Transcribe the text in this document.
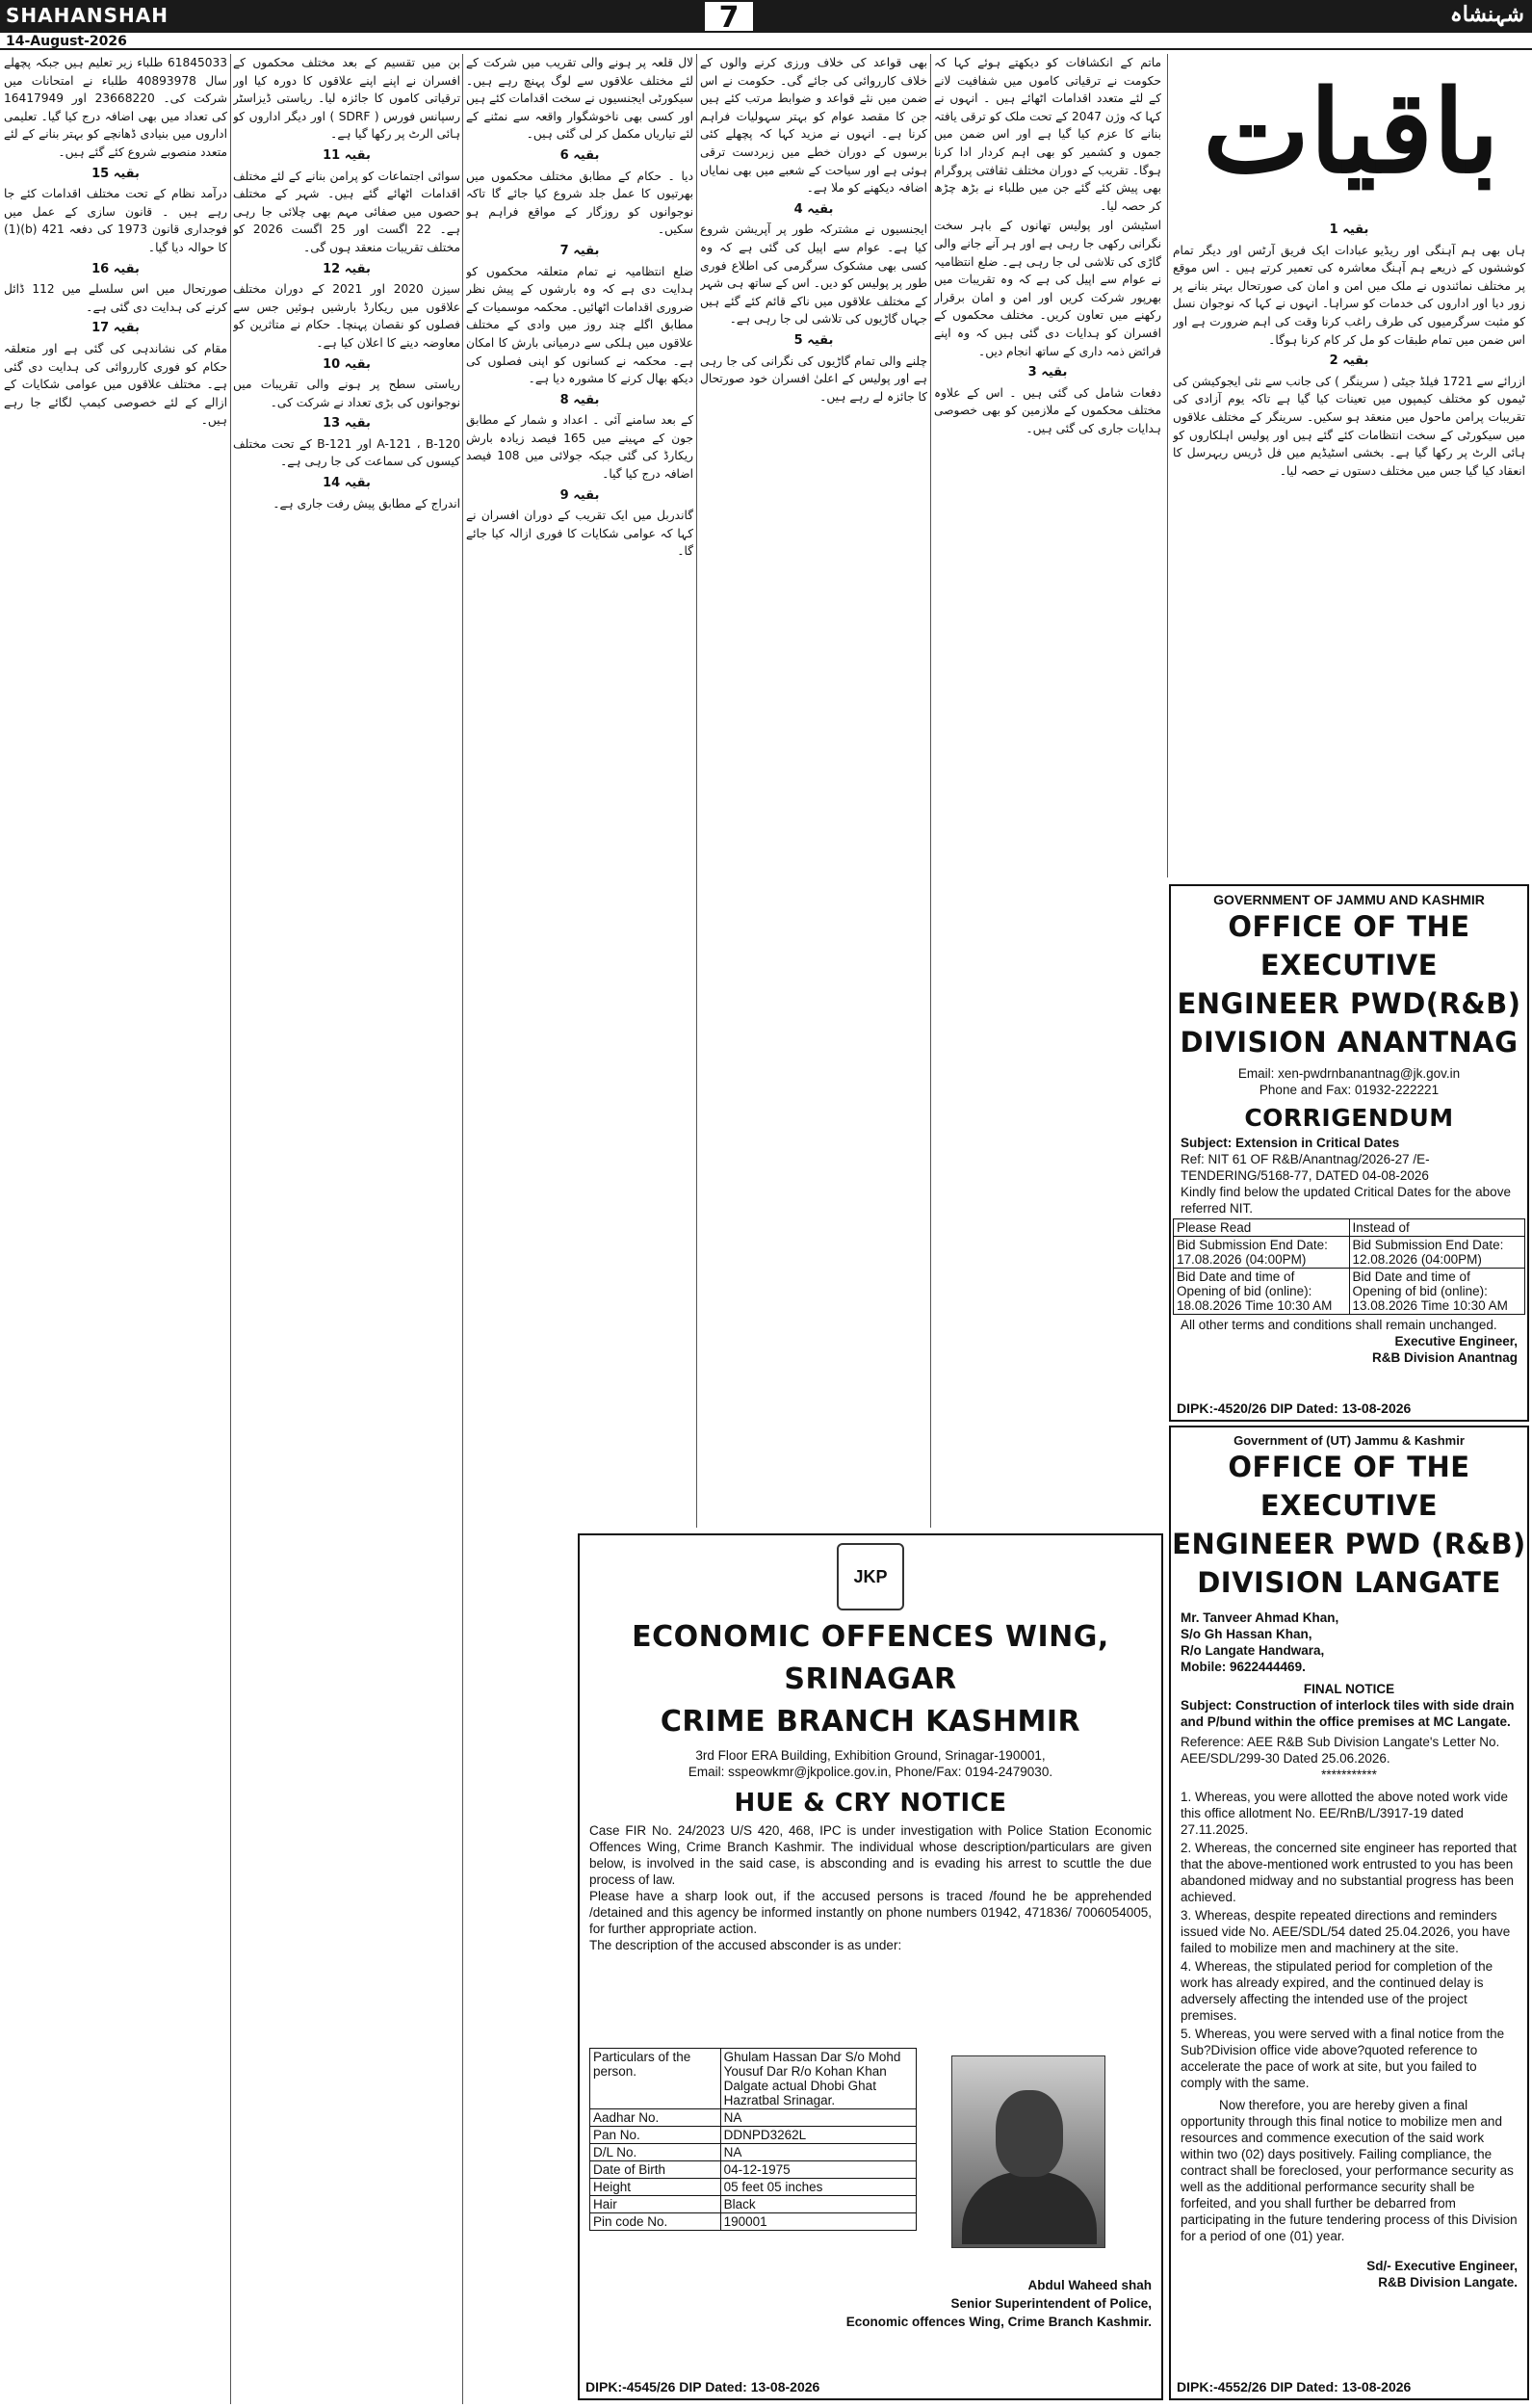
SHAHANSHAH	7	شہنشاہ
14-August-2026
باقیات
بقیہ 1

ہاں بھی ہم آہنگی اور ریڈیو عبادات ایک فریق آرٹس اور دیگر تمام کوششوں کے ذریعے ہم آہنگ معاشرہ کی تعمیر کرتے ہیں ۔ اس موقع پر مختلف نمائندوں نے ملک میں امن و امان کی صورتحال بہتر بنانے پر زور دیا اور اداروں کی خدمات کو سراہا۔ انہوں نے کہا کہ نوجوان نسل کو مثبت سرگرمیوں کی طرف راغب کرنا وقت کی اہم ضرورت ہے اور اس ضمن میں تمام طبقات کو مل کر کام کرنا ہوگا۔

بقیہ 2

ازرائے سے 1721 فیلڈ جیٹی ( سرینگر ) کی جانب سے نئی ایجوکیشن کی ٹیموں کو مختلف کیمپوں میں تعینات کیا گیا ہے تاکہ یوم آزادی کی تقریبات پرامن ماحول میں منعقد ہو سکیں۔ سرینگر کے مختلف علاقوں میں سیکورٹی کے سخت انتظامات کئے گئے ہیں اور پولیس اہلکاروں کو ہائی الرٹ پر رکھا گیا ہے۔ بخشی اسٹیڈیم میں فل ڈریس ریہرسل کا انعقاد کیا گیا جس میں مختلف دستوں نے حصہ لیا۔

ماتم کے انکشافات کو دیکھتے ہوئے کہا کہ حکومت نے ترقیاتی کاموں میں شفافیت لانے کے لئے متعدد اقدامات اٹھائے ہیں ۔ انہوں نے کہا کہ وژن 2047 کے تحت ملک کو ترقی یافتہ بنانے کا عزم کیا گیا ہے اور اس ضمن میں جموں و کشمیر کو بھی اہم کردار ادا کرنا ہوگا۔ تقریب کے دوران مختلف ثقافتی پروگرام بھی پیش کئے گئے جن میں طلباء نے بڑھ چڑھ کر حصہ لیا۔

اسٹیشن اور پولیس تھانوں کے باہر سخت نگرانی رکھی جا رہی ہے اور ہر آنے جانے والی گاڑی کی تلاشی لی جا رہی ہے۔ ضلع انتظامیہ نے عوام سے اپیل کی ہے کہ وہ تقریبات میں بھرپور شرکت کریں اور امن و امان برقرار رکھنے میں تعاون کریں۔ مختلف محکموں کے افسران کو ہدایات دی گئی ہیں کہ وہ اپنے فرائض ذمہ داری کے ساتھ انجام دیں۔

بقیہ 3

دفعات شامل کی گئی ہیں ۔ اس کے علاوہ مختلف محکموں کے ملازمین کو بھی خصوصی ہدایات جاری کی گئی ہیں۔

بھی قواعد کی خلاف ورزی کرنے والوں کے خلاف کارروائی کی جائے گی۔ حکومت نے اس ضمن میں نئے قواعد و ضوابط مرتب کئے ہیں جن کا مقصد عوام کو بہتر سہولیات فراہم کرنا ہے۔ انہوں نے مزید کہا کہ پچھلے کئی برسوں کے دوران خطے میں زبردست ترقی ہوئی ہے اور سیاحت کے شعبے میں بھی نمایاں اضافہ دیکھنے کو ملا ہے۔

بقیہ 4

ایجنسیوں نے مشترکہ طور پر آپریشن شروع کیا ہے۔ عوام سے اپیل کی گئی ہے کہ وہ کسی بھی مشکوک سرگرمی کی اطلاع فوری طور پر پولیس کو دیں۔ اس کے ساتھ ہی شہر کے مختلف علاقوں میں ناکے قائم کئے گئے ہیں جہاں گاڑیوں کی تلاشی لی جا رہی ہے۔

بقیہ 5

چلنے والی تمام گاڑیوں کی نگرانی کی جا رہی ہے اور پولیس کے اعلیٰ افسران خود صورتحال کا جائزہ لے رہے ہیں۔

لال قلعہ پر ہونے والی تقریب میں شرکت کے لئے مختلف علاقوں سے لوگ پہنچ رہے ہیں۔ سیکورٹی ایجنسیوں نے سخت اقدامات کئے ہیں اور کسی بھی ناخوشگوار واقعہ سے نمٹنے کے لئے تیاریاں مکمل کر لی گئی ہیں۔

بقیہ 6

دیا ۔ حکام کے مطابق مختلف محکموں میں بھرتیوں کا عمل جلد شروع کیا جائے گا تاکہ نوجوانوں کو روزگار کے مواقع فراہم ہو سکیں۔

بقیہ 7

ضلع انتظامیہ نے تمام متعلقہ محکموں کو ہدایت دی ہے کہ وہ بارشوں کے پیش نظر ضروری اقدامات اٹھائیں۔ محکمہ موسمیات کے مطابق اگلے چند روز میں وادی کے مختلف علاقوں میں ہلکی سے درمیانی بارش کا امکان ہے۔ محکمہ نے کسانوں کو اپنی فصلوں کی دیکھ بھال کرنے کا مشورہ دیا ہے۔

بقیہ 8

کے بعد سامنے آئی ۔ اعداد و شمار کے مطابق جون کے مہینے میں 165 فیصد زیادہ بارش ریکارڈ کی گئی جبکہ جولائی میں 108 فیصد اضافہ درج کیا گیا۔

بقیہ 9

گاندربل میں ایک تقریب کے دوران افسران نے کہا کہ عوامی شکایات کا فوری ازالہ کیا جائے گا۔

بن میں تقسیم کے بعد مختلف محکموں کے افسران نے اپنے اپنے علاقوں کا دورہ کیا اور ترقیاتی کاموں کا جائزہ لیا۔ ریاستی ڈیزاسٹر رسپانس فورس ( SDRF ) اور دیگر اداروں کو ہائی الرٹ پر رکھا گیا ہے۔

بقیہ 11

سوائی اجتماعات کو پرامن بنانے کے لئے مختلف اقدامات اٹھائے گئے ہیں۔ شہر کے مختلف حصوں میں صفائی مہم بھی چلائی جا رہی ہے۔ 22 اگست اور 25 اگست 2026 کو مختلف تقریبات منعقد ہوں گی۔

بقیہ 12

سیزن 2020 اور 2021 کے دوران مختلف علاقوں میں ریکارڈ بارشیں ہوئیں جس سے فصلوں کو نقصان پہنچا۔ حکام نے متاثرین کو معاوضہ دینے کا اعلان کیا ہے۔

بقیہ 10

ریاستی سطح پر ہونے والی تقریبات میں نوجوانوں کی بڑی تعداد نے شرکت کی۔

بقیہ 13

A-121 ، B-120 اور B-121 کے تحت مختلف کیسوں کی سماعت کی جا رہی ہے۔

بقیہ 14

اندراج کے مطابق پیش رفت جاری ہے۔

61845033 طلباء زیر تعلیم ہیں جبکہ پچھلے سال 40893978 طلباء نے امتحانات میں شرکت کی۔ 23668220 اور 16417949 کی تعداد میں بھی اضافہ درج کیا گیا۔ تعلیمی اداروں میں بنیادی ڈھانچے کو بہتر بنانے کے لئے متعدد منصوبے شروع کئے گئے ہیں۔

بقیہ 15

درآمد نظام کے تحت مختلف اقدامات کئے جا رہے ہیں ۔ قانون سازی کے عمل میں فوجداری قانون 1973 کی دفعہ 421 (b)(1) کا حوالہ دیا گیا۔

بقیہ 16

صورتحال میں اس سلسلے میں 112 ڈائل کرنے کی ہدایت دی گئی ہے۔

بقیہ 17

مقام کی نشاندہی کی گئی ہے اور متعلقہ حکام کو فوری کارروائی کی ہدایت دی گئی ہے۔ مختلف علاقوں میں عوامی شکایات کے ازالے کے لئے خصوصی کیمپ لگائے جا رہے ہیں۔

GOVERNMENT OF JAMMU AND KASHMIR
OFFICE OF THE EXECUTIVE
ENGINEER PWD(R&B)
DIVISION ANANTNAG
Email: xen-pwdrnbanantnag@jk.gov.in
Phone and Fax: 01932-222221
CORRIGENDUM
Subject: Extension in Critical Dates
Ref: NIT 61 OF R&B/Anantnag/2026-27 /E-TENDERING/5168-77, DATED 04-08-2026
Kindly find below the updated Critical Dates for the above referred NIT.
Please Read	Instead of
Bid Submission End Date: 17.08.2026 (04:00PM)	Bid Submission End Date: 12.08.2026 (04:00PM)
Bid Date and time of Opening of bid (online): 18.08.2026 Time 10:30 AM	Bid Date and time of Opening of bid (online): 13.08.2026 Time 10:30 AM
All other terms and conditions shall remain unchanged.
Executive Engineer,
R&B Division Anantnag
DIPK:-4520/26 DIP Dated: 13-08-2026
Government of (UT) Jammu & Kashmir
OFFICE OF THE EXECUTIVE
ENGINEER PWD (R&B)
DIVISION LANGATE
Mr. Tanveer Ahmad Khan,
S/o Gh Hassan Khan,
R/o Langate Handwara,
Mobile: 9622444469.
FINAL NOTICE
Subject: Construction of interlock tiles with side drain and P/bund within the office premises at MC Langate.
Reference: AEE R&B Sub Division Langate's Letter No. AEE/SDL/299-30 Dated 25.06.2026.
***********
1. Whereas, you were allotted the above noted work vide this office allotment No. EE/RnB/L/3917-19 dated 27.11.2025.
2. Whereas, the concerned site engineer has reported that that the above-mentioned work entrusted to you has been abandoned midway and no substantial progress has been achieved.
3. Whereas, despite repeated directions and reminders issued vide No. AEE/SDL/54 dated 25.04.2026, you have failed to mobilize men and machinery at the site.
4. Whereas, the stipulated period for completion of the work has already expired, and the continued delay is adversely affecting the intended use of the project premises.
5. Whereas, you were served with a final notice from the Sub?Division office vide above?quoted reference to accelerate the pace of work at site, but you failed to comply with the same.
Now therefore, you are hereby given a final opportunity through this final notice to mobilize men and resources and commence execution of the said work within two (02) days positively. Failing compliance, the contract shall be foreclosed, your performance security as well as the additional performance security shall be forfeited, and you shall further be debarred from participating in the future tendering process of this Division for a period of one (01) year.
Sd/- Executive Engineer,
R&B Division Langate.
DIPK:-4552/26 DIP Dated: 13-08-2026
JKP
ECONOMIC OFFENCES WING, SRINAGAR
CRIME BRANCH KASHMIR
3rd Floor ERA Building, Exhibition Ground, Srinagar-190001,
Email: sspeowkmr@jkpolice.gov.in, Phone/Fax: 0194-2479030.
HUE & CRY NOTICE
Case FIR No. 24/2023 U/S 420, 468, IPC is under investigation with Police Station Economic Offences Wing, Crime Branch Kashmir. The individual whose description/particulars are given below, is involved in the said case, is absconding and is evading his arrest to scuttle the due process of law.
Please have a sharp look out, if the accused persons is traced /found he be apprehended /detained and this agency be informed instantly on phone numbers 01942, 471836/ 7006054005, for further appropriate action.
The description of the accused absconder is as under:
Particulars of the person.	Ghulam Hassan Dar S/o Mohd Yousuf Dar R/o Kohan Khan Dalgate actual Dhobi Ghat Hazratbal Srinagar.
Aadhar No.	NA
Pan No.	DDNPD3262L
D/L No.	NA
Date of Birth	04-12-1975
Height	05 feet 05 inches
Hair	Black
Pin code No.	190001
Abdul Waheed shah
Senior Superintendent of Police,
Economic offences Wing, Crime Branch Kashmir.
DIPK:-4545/26 DIP Dated: 13-08-2026
